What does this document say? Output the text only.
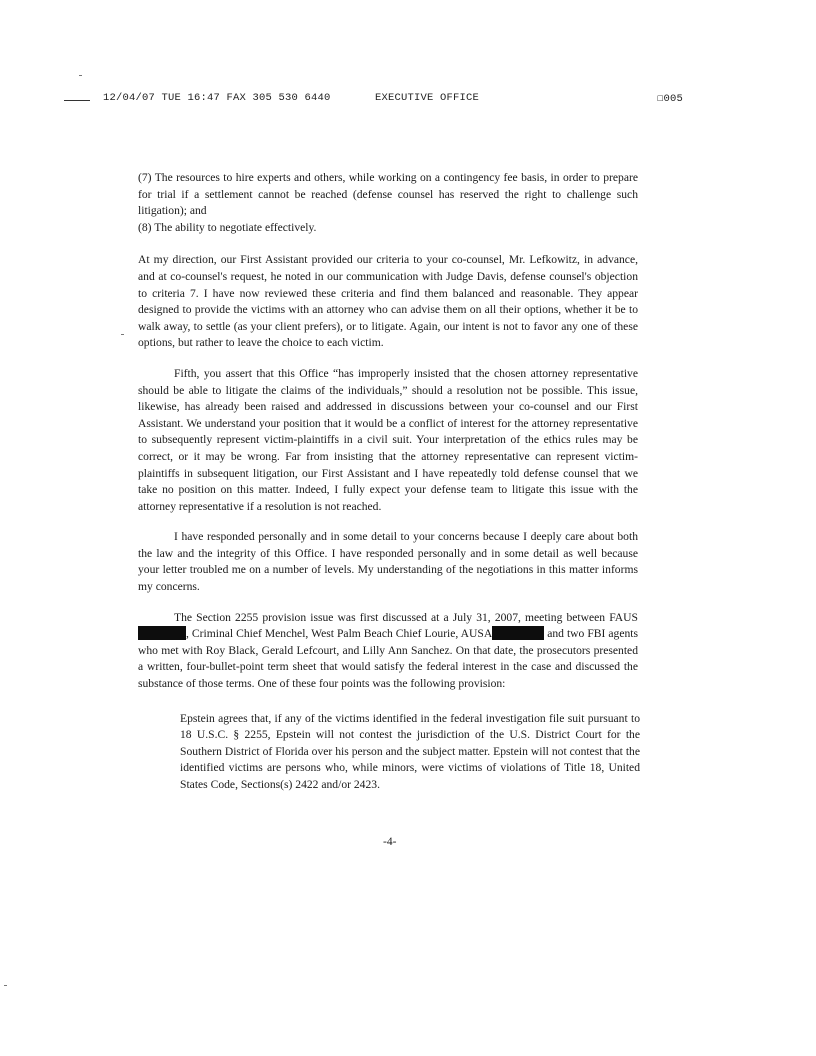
12/04/07 TUE 16:47 FAX 305 530 6440	EXECUTIVE OFFICE	☐005

(7) The resources to hire experts and others, while working on a contingency fee basis, in order to prepare for trial if a settlement cannot be reached (defense counsel has reserved the right to challenge such litigation); and

(8) The ability to negotiate effectively.

At my direction, our First Assistant provided our criteria to your co-counsel, Mr. Lefkowitz, in advance, and at co-counsel's request, he noted in our communication with Judge Davis, defense counsel's objection to criteria 7. I have now reviewed these criteria and find them balanced and reasonable. They appear designed to provide the victims with an attorney who can advise them on all their options, whether it be to walk away, to settle (as your client prefers), or to litigate. Again, our intent is not to favor any one of these options, but rather to leave the choice to each victim.

Fifth, you assert that this Office “has improperly insisted that the chosen attorney representative should be able to litigate the claims of the individuals,” should a resolution not be possible. This issue, likewise, has already been raised and addressed in discussions between your co-counsel and our First Assistant. We understand your position that it would be a conflict of interest for the attorney representative to subsequently represent victim-plaintiffs in a civil suit. Your interpretation of the ethics rules may be correct, or it may be wrong. Far from insisting that the attorney representative can represent victim-plaintiffs in subsequent litigation, our First Assistant and I have repeatedly told defense counsel that we take no position on this matter. Indeed, I fully expect your defense team to litigate this issue with the attorney representative if a resolution is not reached.

I have responded personally and in some detail to your concerns because I deeply care about both the law and the integrity of this Office. I have responded personally and in some detail as well because your letter troubled me on a number of levels. My understanding of the negotiations in this matter informs my concerns.

The Section 2255 provision issue was first discussed at a July 31, 2007, meeting between FAUS, Criminal Chief Menchel, West Palm Beach Chief Lourie, AUSA	and two FBI agents who met with Roy Black, Gerald Lefcourt, and Lilly Ann Sanchez. On that date, the prosecutors presented a written, four-bullet-point term sheet that would satisfy the federal interest in the case and discussed the substance of those terms. One of these four points was the following provision:

Epstein agrees that, if any of the victims identified in the federal investigation file suit pursuant to 18 U.S.C. § 2255, Epstein will not contest the jurisdiction of the U.S. District Court for the Southern District of Florida over his person and the subject matter. Epstein will not contest that the identified victims are persons who, while minors, were victims of violations of Title 18, United States Code, Sections(s) 2422 and/or 2423.

-4-
